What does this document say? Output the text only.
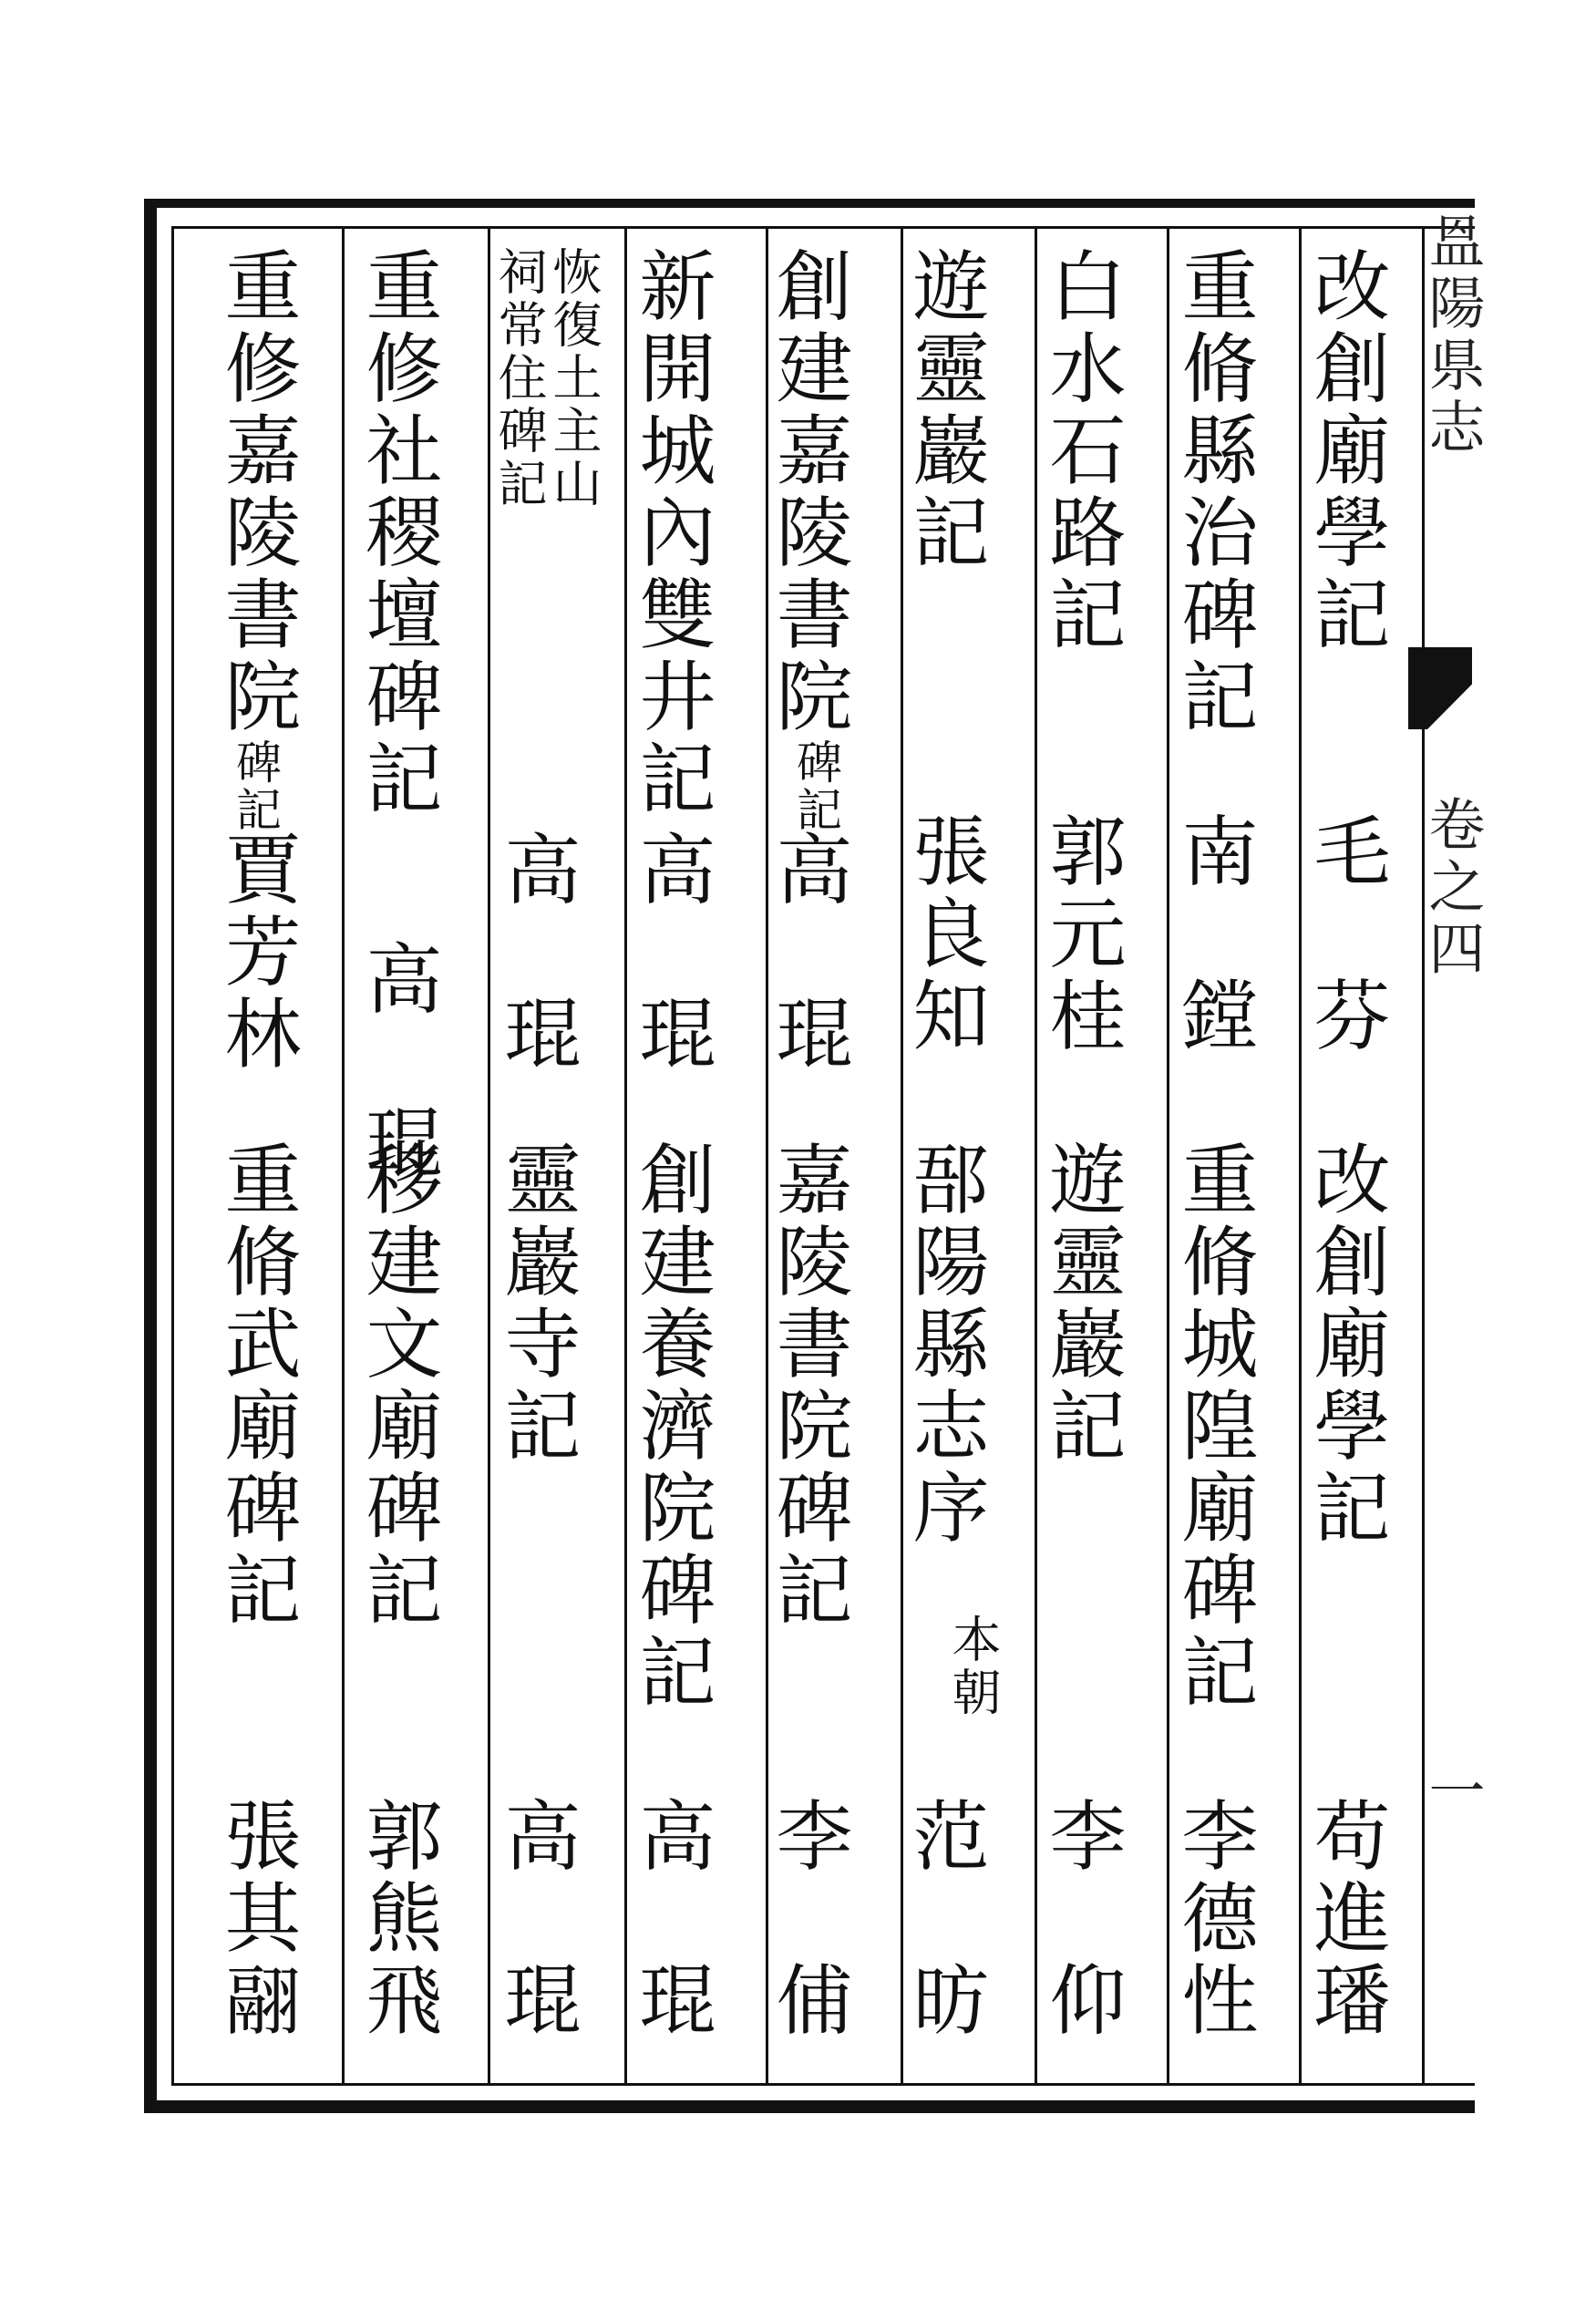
𥁕陽県志
卷之四
一
改創廟學記
毛　芬
改創廟學記
苟進璠
重脩縣治碑記
南　鏜
重脩城隍廟碑記
李德性
白水石路記
郭元桂
遊靈巖記
李　仰
遊靈巖記
張良知
郚陽縣志序
本朝
范　昉
創建嘉陵書院
碑記
高　琨
嘉陵書院碑記
李　俌
新開城內雙井記
高　琨
創建養濟院碑記
高　琨
恢復土主山
祠常住碑記
高　琨
靈巖寺記
高　琨
重修社稷壇碑記
高　琨
移建文廟碑記
郭熊飛
重修嘉陵書院
碑記
賈芳林
重脩武廟碑記
張其翮
